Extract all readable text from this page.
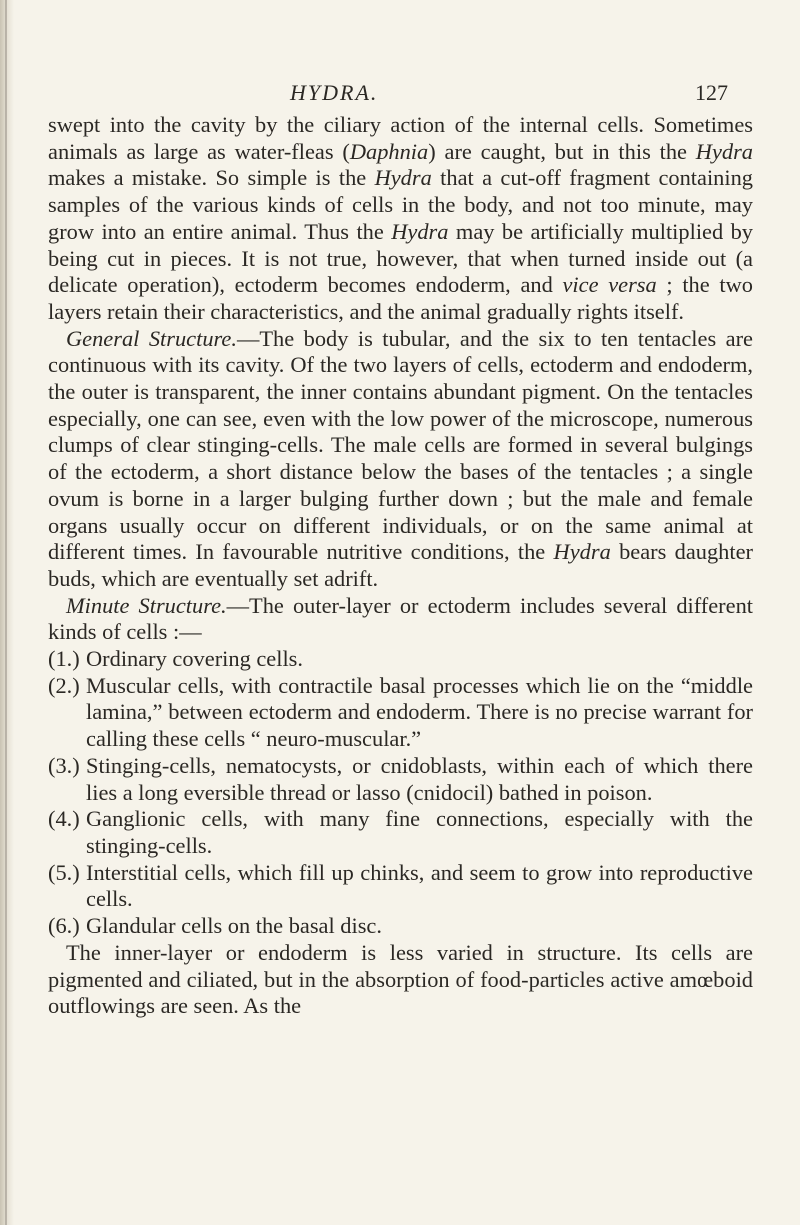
HYDRA.	127

swept into the cavity by the ciliary action of the internal cells. Sometimes animals as large as water-fleas (Daphnia) are caught, but in this the Hydra makes a mistake. So simple is the Hydra that a cut-off fragment containing samples of the various kinds of cells in the body, and not too minute, may grow into an entire animal. Thus the Hydra may be artificially multiplied by being cut in pieces. It is not true, however, that when turned inside out (a delicate operation), ectoderm becomes endoderm, and vice versa ; the two layers retain their characteristics, and the animal gradually rights itself.

General Structure.—The body is tubular, and the six to ten tentacles are continuous with its cavity. Of the two layers of cells, ectoderm and endoderm, the outer is transparent, the inner contains abundant pigment. On the tentacles especially, one can see, even with the low power of the microscope, numerous clumps of clear stinging-cells. The male cells are formed in several bulgings of the ectoderm, a short distance below the bases of the tentacles ; a single ovum is borne in a larger bulging further down ; but the male and female organs usually occur on different individuals, or on the same animal at different times. In favourable nutritive conditions, the Hydra bears daughter buds, which are eventually set adrift.

Minute Structure.—The outer-layer or ectoderm includes several different kinds of cells :—

(1.) Ordinary covering cells.
(2.) Muscular cells, with contractile basal processes which lie on the “middle lamina,” between ectoderm and endoderm. There is no precise warrant for calling these cells “ neuro-muscular.”
(3.) Stinging-cells, nematocysts, or cnidoblasts, within each of which there lies a long eversible thread or lasso (cnidocil) bathed in poison.
(4.) Ganglionic cells, with many fine connections, especially with the stinging-cells.
(5.) Interstitial cells, which fill up chinks, and seem to grow into reproductive cells.
(6.) Glandular cells on the basal disc.

The inner-layer or endoderm is less varied in structure. Its cells are pigmented and ciliated, but in the absorption of food-particles active amœboid outflowings are seen. As the
